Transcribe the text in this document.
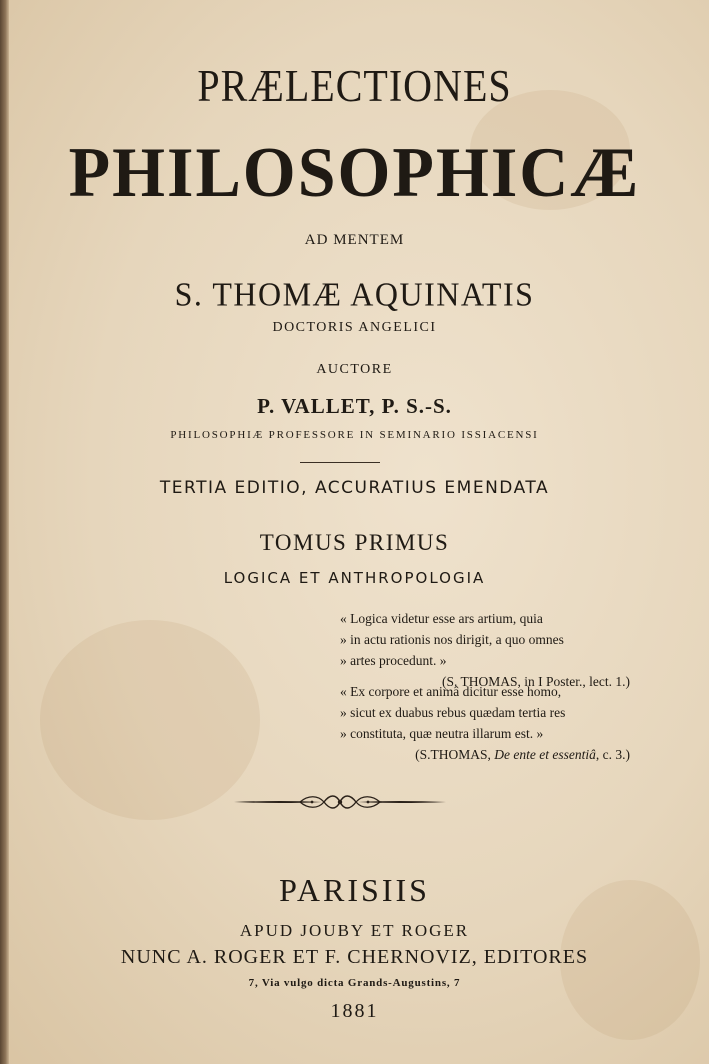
PRÆLECTIONES
PHILOSOPHICÆ
AD MENTEM
S. THOMÆ AQUINATIS
DOCTORIS ANGELICI
AUCTORE
P. VALLET, P. S.-S.
PHILOSOPHIÆ PROFESSORE IN SEMINARIO ISSIACENSI
TERTIA EDITIO, ACCURATIUS EMENDATA
TOMUS PRIMUS
LOGICA ET ANTHROPOLOGIA
« Logica videtur esse ars artium, quia
» in actu rationis nos dirigit, a quo omnes
» artes procedunt. »
(S. THOMAS, in I Poster., lect. 1.)
« Ex corpore et animâ dicitur esse homo,
» sicut ex duabus rebus quædam tertia res
» constituta, quæ neutra illarum est. »
(S.THOMAS, De ente et essentiâ, c. 3.)
PARISIIS
APUD JOUBY ET ROGER
NUNC A. ROGER ET F. CHERNOVIZ, EDITORES
7, Via vulgo dicta Grands-Augustins, 7
1881
